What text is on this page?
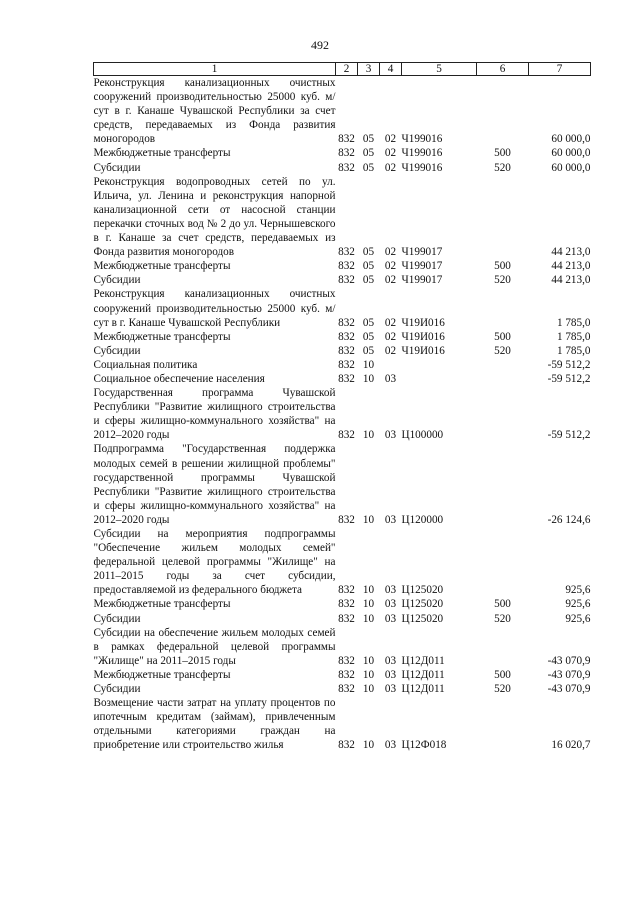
492
1	2	3	4	5	6	7
Реконструкция канализационных очистных сооружений производительностью 25000 куб. м/сут в г. Канаше Чувашской Республики за счет средств, передаваемых из Фонда развития моногородов	832	05	02	Ч199016		60 000,0
Межбюджетные трансферты	832	05	02	Ч199016	500	60 000,0
Субсидии	832	05	02	Ч199016	520	60 000,0
Реконструкция водопроводных сетей по ул. Ильича, ул. Ленина и реконструкция напорной канализационной сети от насосной станции перекачки сточных вод № 2 до ул. Чернышевского в г. Канаше за счет средств, передаваемых из Фонда развития моногородов	832	05	02	Ч199017		44 213,0
Межбюджетные трансферты	832	05	02	Ч199017	500	44 213,0
Субсидии	832	05	02	Ч199017	520	44 213,0
Реконструкция канализационных очистных сооружений производительностью 25000 куб. м/сут в г. Канаше Чувашской Республики	832	05	02	Ч19И016		1 785,0
Межбюджетные трансферты	832	05	02	Ч19И016	500	1 785,0
Субсидии	832	05	02	Ч19И016	520	1 785,0
Социальная политика	832	10				-59 512,2
Социальное обеспечение населения	832	10	03			-59 512,2
Государственная программа Чувашской Республики "Развитие жилищного строительства и сферы жилищно-коммунального хозяйства" на 2012–2020 годы	832	10	03	Ц100000		-59 512,2
Подпрограмма "Государственная поддержка молодых семей в решении жилищной проблемы" государственной программы Чувашской Республики "Развитие жилищного строительства и сферы жилищно-коммунального хозяйства" на 2012–2020 годы	832	10	03	Ц120000		-26 124,6
Субсидии на мероприятия подпрограммы "Обеспечение жильем молодых семей" федеральной целевой программы "Жилище" на 2011–2015 годы за счет субсидии, предоставляемой из федерального бюджета	832	10	03	Ц125020		925,6
Межбюджетные трансферты	832	10	03	Ц125020	500	925,6
Субсидии	832	10	03	Ц125020	520	925,6
Субсидии на обеспечение жильем молодых семей в рамках федеральной целевой программы "Жилище" на 2011–2015 годы	832	10	03	Ц12Д011		-43 070,9
Межбюджетные трансферты	832	10	03	Ц12Д011	500	-43 070,9
Субсидии	832	10	03	Ц12Д011	520	-43 070,9
Возмещение части затрат на уплату процентов по ипотечным кредитам (займам), привлеченным отдельными категориями граждан на приобретение или строительство жилья	832	10	03	Ц12Ф018		16 020,7
